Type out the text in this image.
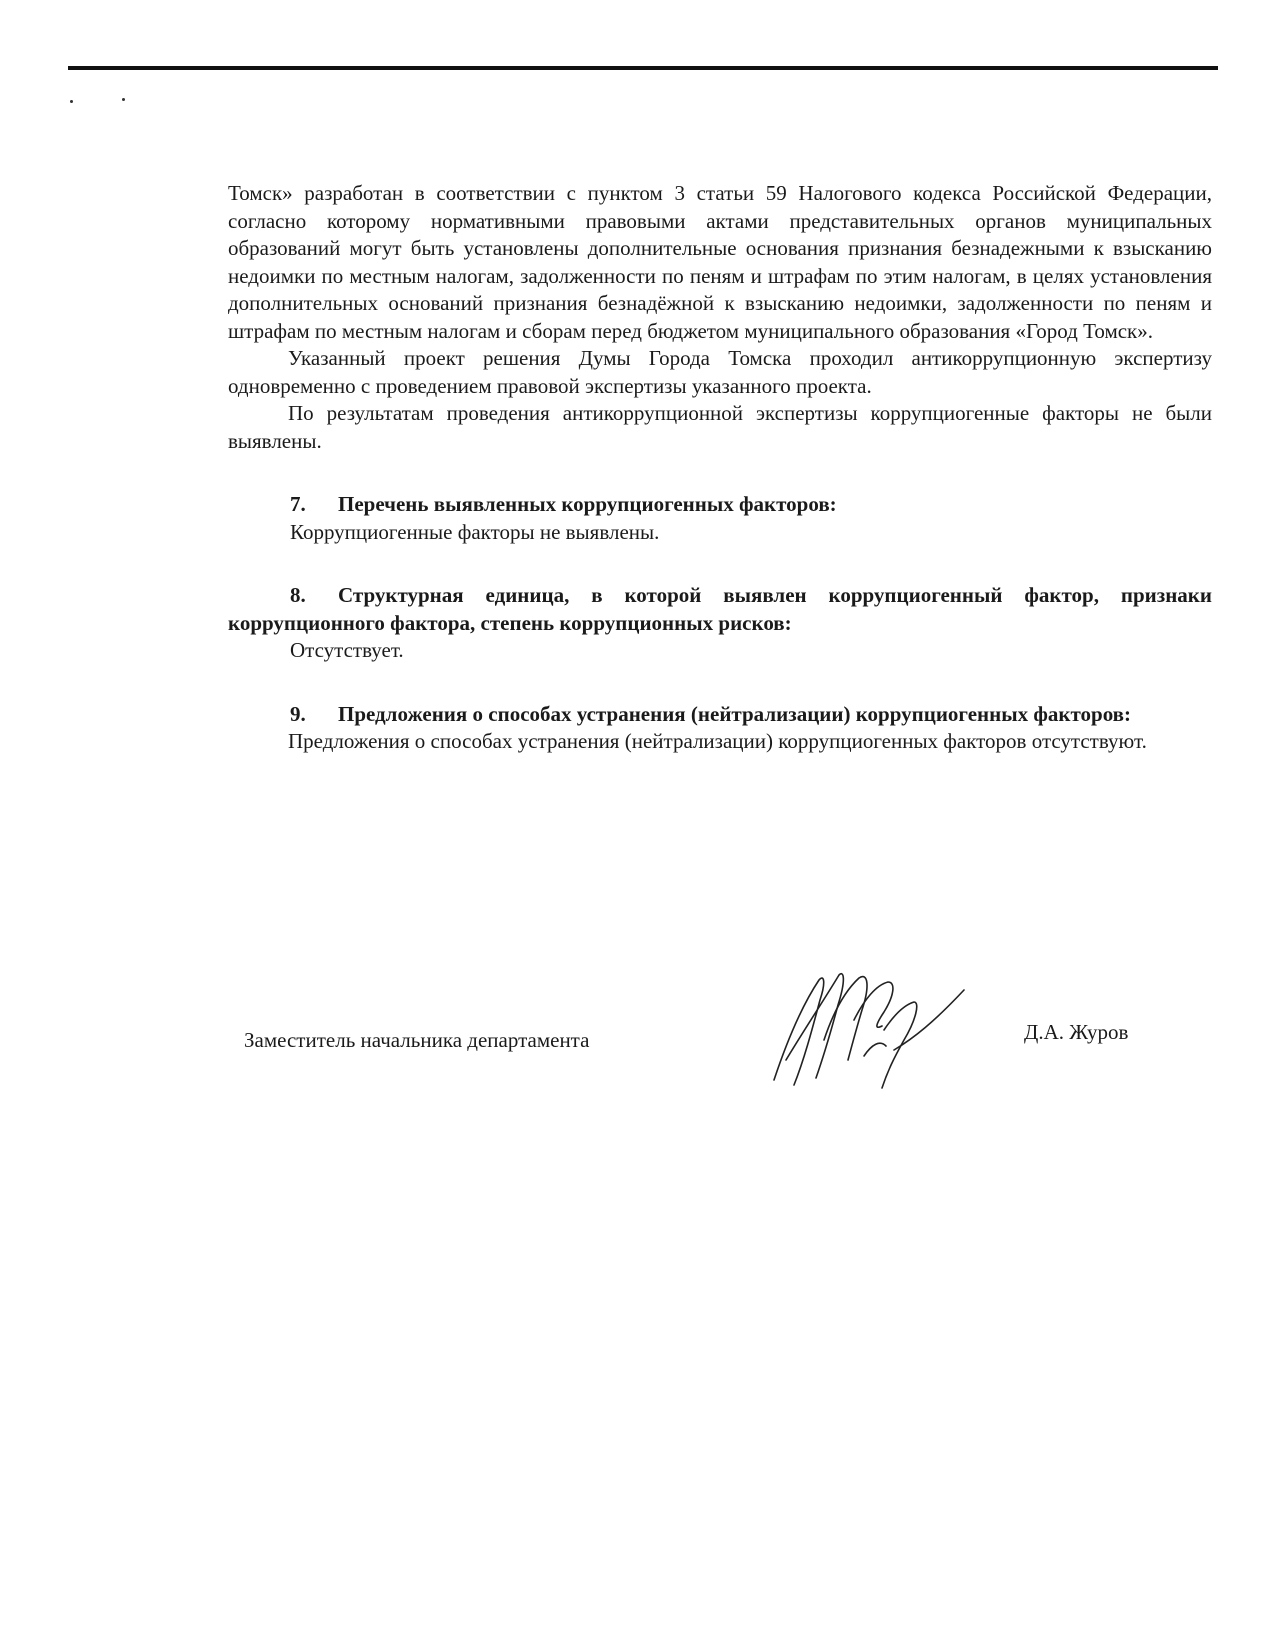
Томск» разработан в соответствии с пунктом 3 статьи 59 Налогового кодекса Российской Федерации, согласно которому нормативными правовыми актами представительных органов муниципальных образований могут быть установлены дополнительные основания признания безнадежными к взысканию недоимки по местным налогам, задолженности по пеням и штрафам по этим налогам, в целях установления дополнительных оснований признания безнадёжной к взысканию недоимки, задолженности по пеням и штрафам по местным налогам и сборам перед бюджетом муниципального образования «Город Томск».

Указанный проект решения Думы Города Томска проходил антикоррупционную экспертизу одновременно с проведением правовой экспертизы указанного проекта.

По результатам проведения антикоррупционной экспертизы коррупциогенные факторы не были выявлены.

7. Перечень выявленных коррупциогенных факторов:

Коррупциогенные факторы не выявлены.

8. Структурная единица, в которой выявлен коррупциогенный фактор, признаки коррупционного фактора, степень коррупционных рисков:

Отсутствует.

9. Предложения о способах устранения (нейтрализации) коррупциогенных факторов:

Предложения о способах устранения (нейтрализации) коррупциогенных факторов отсутствуют.

Заместитель начальника департамента	Д.А. Журов
